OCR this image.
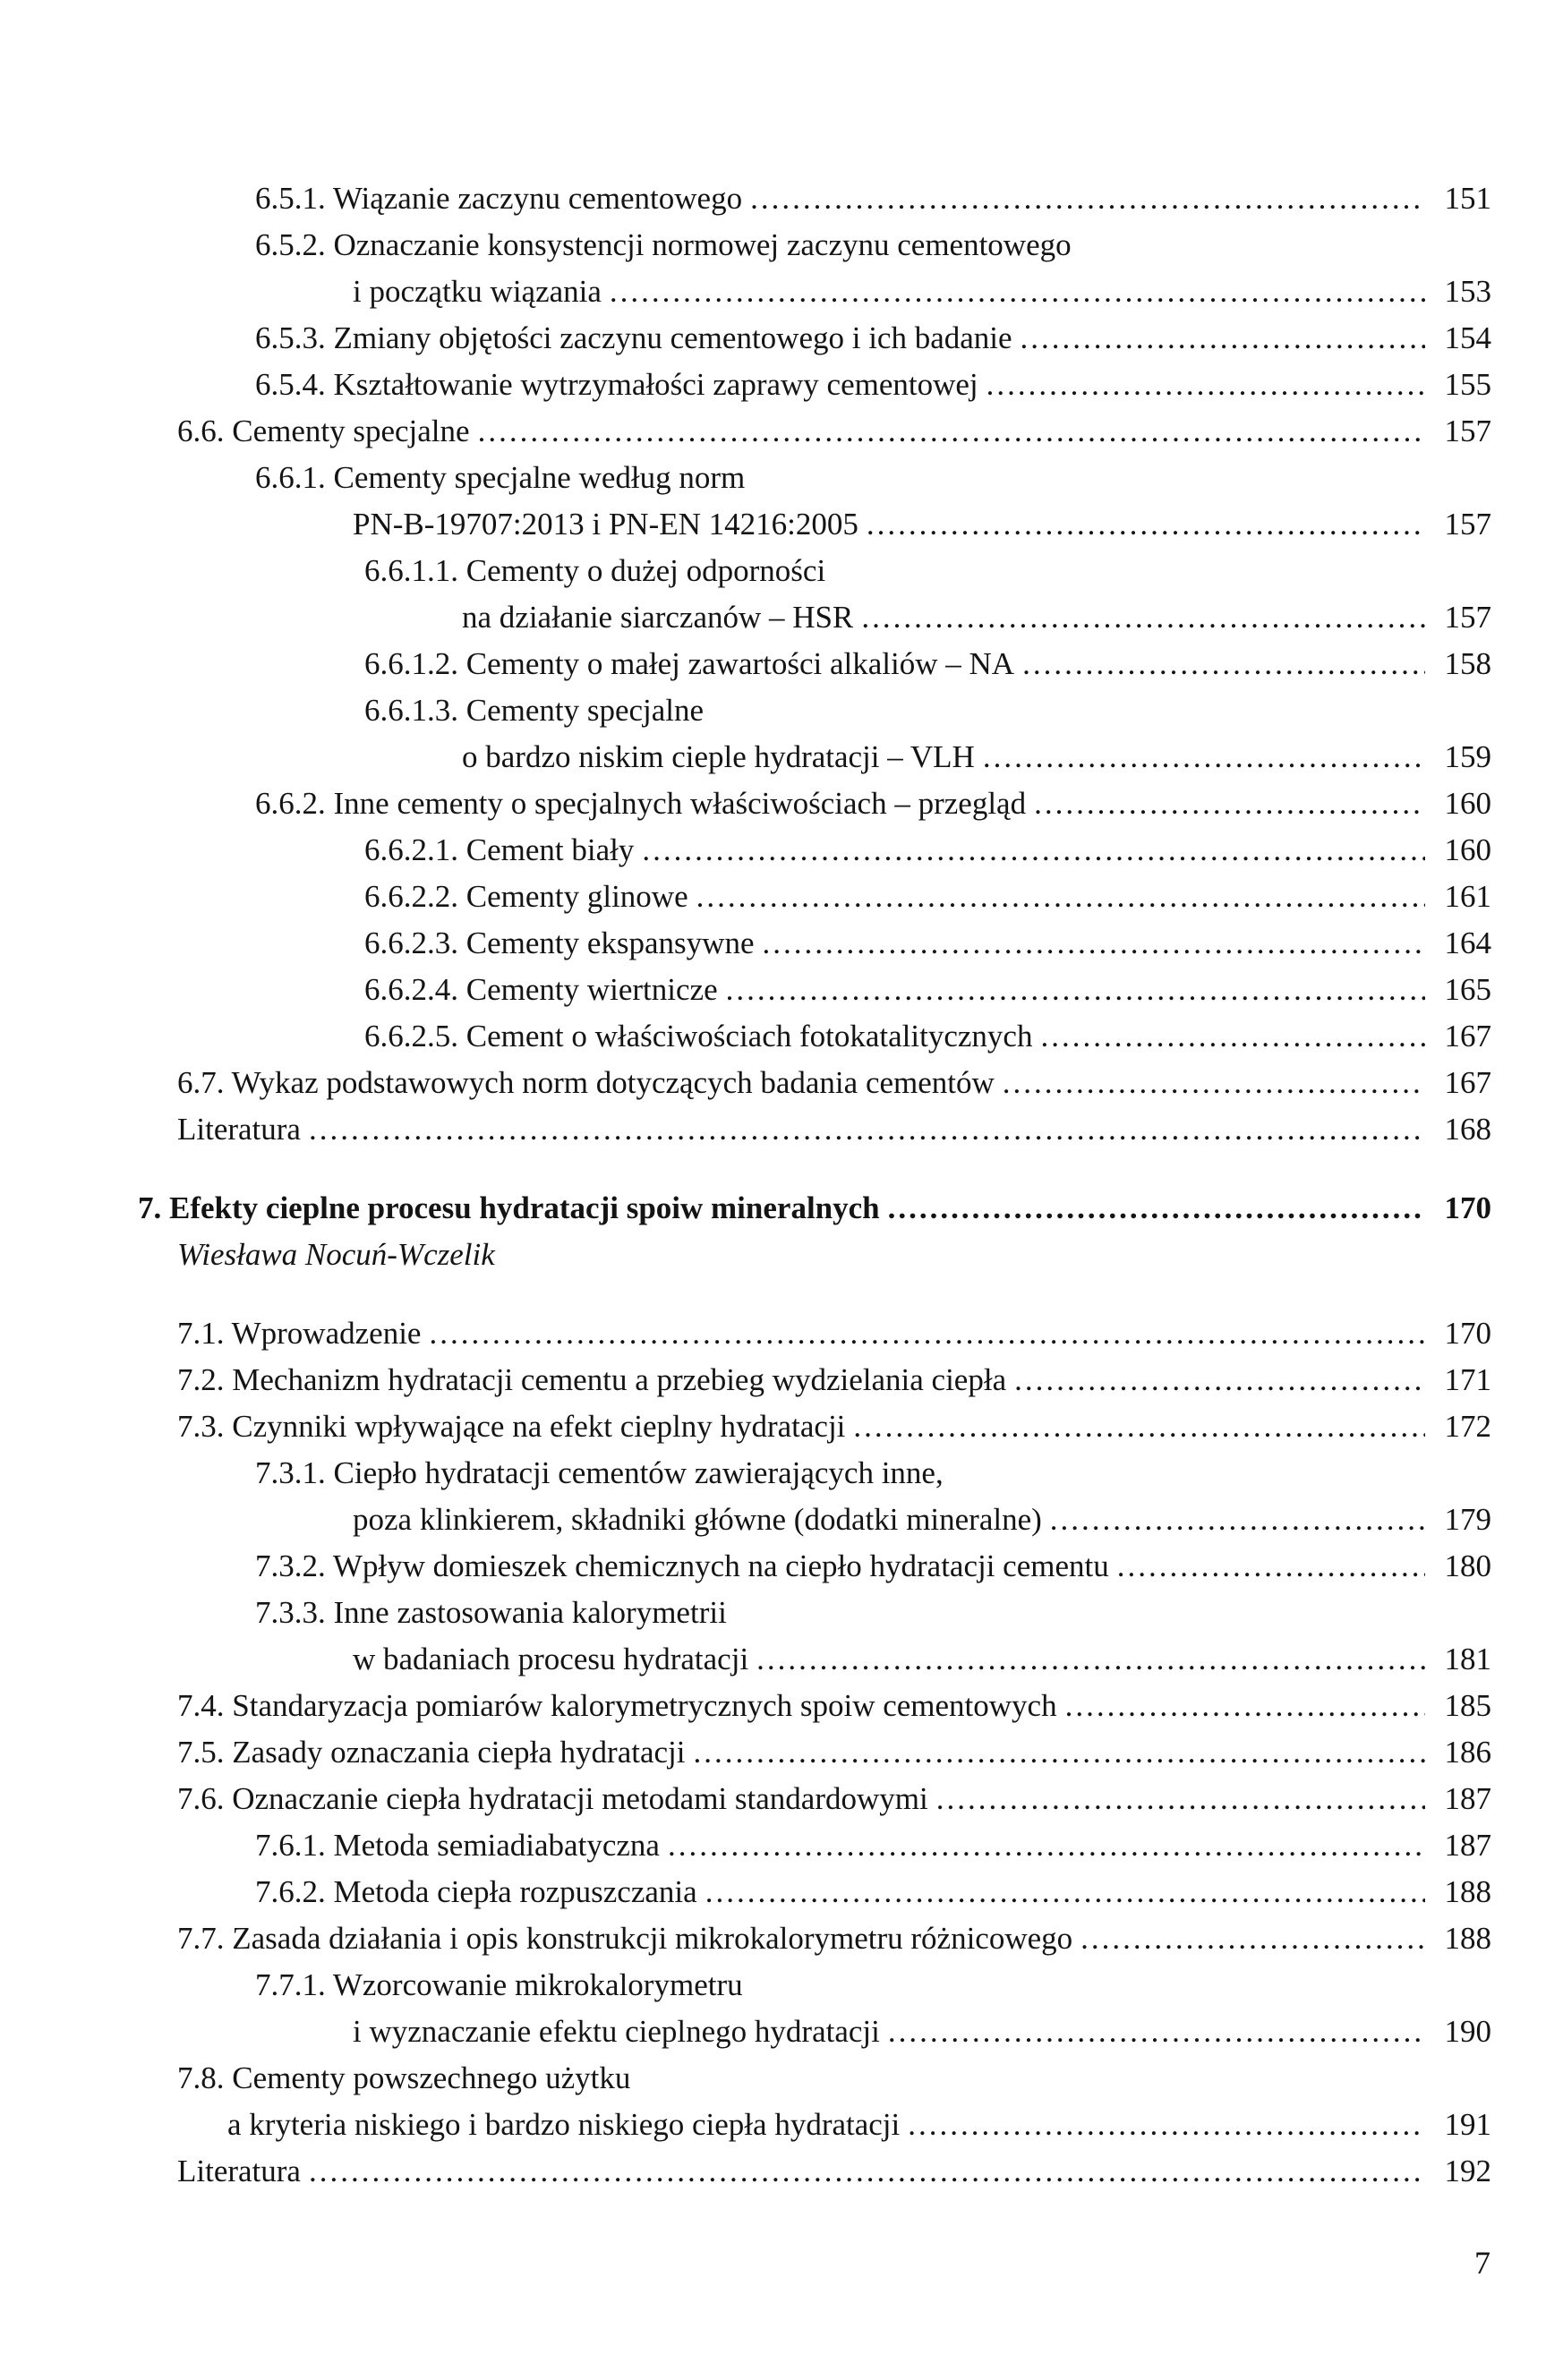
6.5.1. Wiązanie zaczynu cementowego .....	151
6.5.2. Oznaczanie konsystencji normowej zaczynu cementowego
i początku wiązania .....	153
6.5.3. Zmiany objętości zaczynu cementowego i ich badanie .....	154
6.5.4. Kształtowanie wytrzymałości zaprawy cementowej .....	155
6.6. Cementy specjalne .....	157
6.6.1. Cementy specjalne według norm
PN-B-19707:2013 i PN-EN 14216:2005 .....	157
6.6.1.1. Cementy o dużej odporności
na działanie siarczanów – HSR .....	157
6.6.1.2. Cementy o małej zawartości alkaliów – NA .....	158
6.6.1.3. Cementy specjalne
o bardzo niskim cieple hydratacji – VLH .....	159
6.6.2. Inne cementy o specjalnych właściwościach – przegląd .....	160
6.6.2.1. Cement biały .....	160
6.6.2.2. Cementy glinowe .....	161
6.6.2.3. Cementy ekspansywne .....	164
6.6.2.4. Cementy wiertnicze .....	165
6.6.2.5. Cement o właściwościach fotokatalitycznych .....	167
6.7. Wykaz podstawowych norm dotyczących badania cementów .....	167
Literatura .....	168
7. Efekty cieplne procesu hydratacji spoiw mineralnych .....	170
Wiesława Nocuń-Wczelik
7.1. Wprowadzenie .....	170
7.2. Mechanizm hydratacji cementu a przebieg wydzielania ciepła .....	171
7.3. Czynniki wpływające na efekt cieplny hydratacji .....	172
7.3.1. Ciepło hydratacji cementów zawierających inne,
poza klinkierem, składniki główne (dodatki mineralne) .....	179
7.3.2. Wpływ domieszek chemicznych na ciepło hydratacji cementu .....	180
7.3.3. Inne zastosowania kalorymetrii
w badaniach procesu hydratacji .....	181
7.4. Standaryzacja pomiarów kalorymetrycznych spoiw cementowych .....	185
7.5. Zasady oznaczania ciepła hydratacji .....	186
7.6. Oznaczanie ciepła hydratacji metodami standardowymi .....	187
7.6.1. Metoda semiadiabatyczna .....	187
7.6.2. Metoda ciepła rozpuszczania .....	188
7.7. Zasada działania i opis konstrukcji mikrokalorymetru różnicowego .....	188
7.7.1. Wzorcowanie mikrokalorymetru
i wyznaczanie efektu cieplnego hydratacji .....	190
7.8. Cementy powszechnego użytku
a kryteria niskiego i bardzo niskiego ciepła hydratacji .....	191
Literatura .....	192
7
